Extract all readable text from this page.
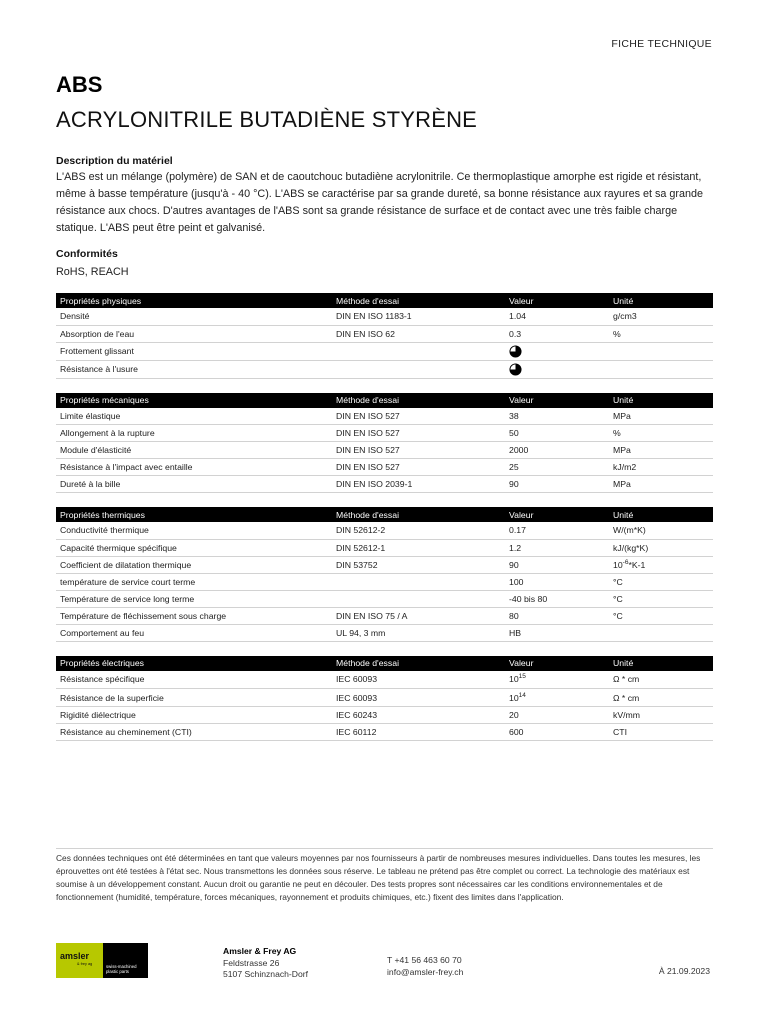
FICHE TECHNIQUE
ABS
ACRYLONITRILE BUTADIÈNE STYRÈNE
Description du matériel
L'ABS est un mélange (polymère) de SAN et de caoutchouc butadiène acrylonitrile. Ce thermoplastique amorphe est rigide et résistant, même à basse température (jusqu'à - 40 °C). L'ABS se caractérise par sa grande dureté, sa bonne résistance aux rayures et sa grande résistance aux chocs. D'autres avantages de l'ABS sont sa grande résistance de surface et de contact avec une très faible charge statique. L'ABS peut être peint et galvanisé.
Conformités
RoHS, REACH
Propriétés physiques	Méthode d'essai	Valeur	Unité
Densité	DIN EN ISO 1183-1	1.04	g/cm3
Absorption de l'eau	DIN EN ISO 62	0.3	%
Frottement glissant			
Résistance à l'usure			
Propriétés mécaniques	Méthode d'essai	Valeur	Unité
Limite élastique	DIN EN ISO 527	38	MPa
Allongement à la rupture	DIN EN ISO 527	50	%
Module d'élasticité	DIN EN ISO 527	2000	MPa
Résistance à l'impact avec entaille	DIN EN ISO 527	25	kJ/m2
Dureté à la bille	DIN EN ISO 2039-1	90	MPa
Propriétés thermiques	Méthode d'essai	Valeur	Unité
Conductivité thermique	DIN 52612-2	0.17	W/(m*K)
Capacité thermique spécifique	DIN 52612-1	1.2	kJ/(kg*K)
Coefficient de dilatation thermique	DIN 53752	90	$10^{-6}*K-1$
température de service court terme		100	°C
Température de service long terme		-40 bis 80	°C
Température de fléchissement sous charge	DIN EN ISO 75 / A	80	°C
Comportement au feu	UL 94, 3 mm	HB	
Propriétés électriques	Méthode d'essai	Valeur	Unité
Résistance spécifique	IEC 60093	$10^{15}$	Ω * cm
Résistance de la superficie	IEC 60093	$10^{14}$	Ω * cm
Rigidité diélectrique	IEC 60243	20	kV/mm
Résistance au cheminement (CTI)	IEC 60112	600	CTI
Ces données techniques ont été déterminées en tant que valeurs moyennes par nos fournisseurs à partir de nombreuses mesures individuelles. Dans toutes les mesures, les éprouvettes ont été testées à l'état sec. Nous transmettons les données sous réserve. Le tableau ne prétend pas être complet ou correct. La technologie des matériaux est soumise à un développement constant. Aucun droit ou garantie ne peut en découler. Des tests propres sont nécessaires car les conditions environnementales et de fonctionnement (humidité, température, forces mécaniques, rayonnement et produits chimiques, etc.) fixent des limites dans l'application.
amsler
& frey ag	swiss-machined plastic parts
Amsler & Frey AG
Feldstrasse 26
5107 Schinznach-Dorf
T +41 56 463 60 70
info@amsler-frey.ch	À 21.09.2023
